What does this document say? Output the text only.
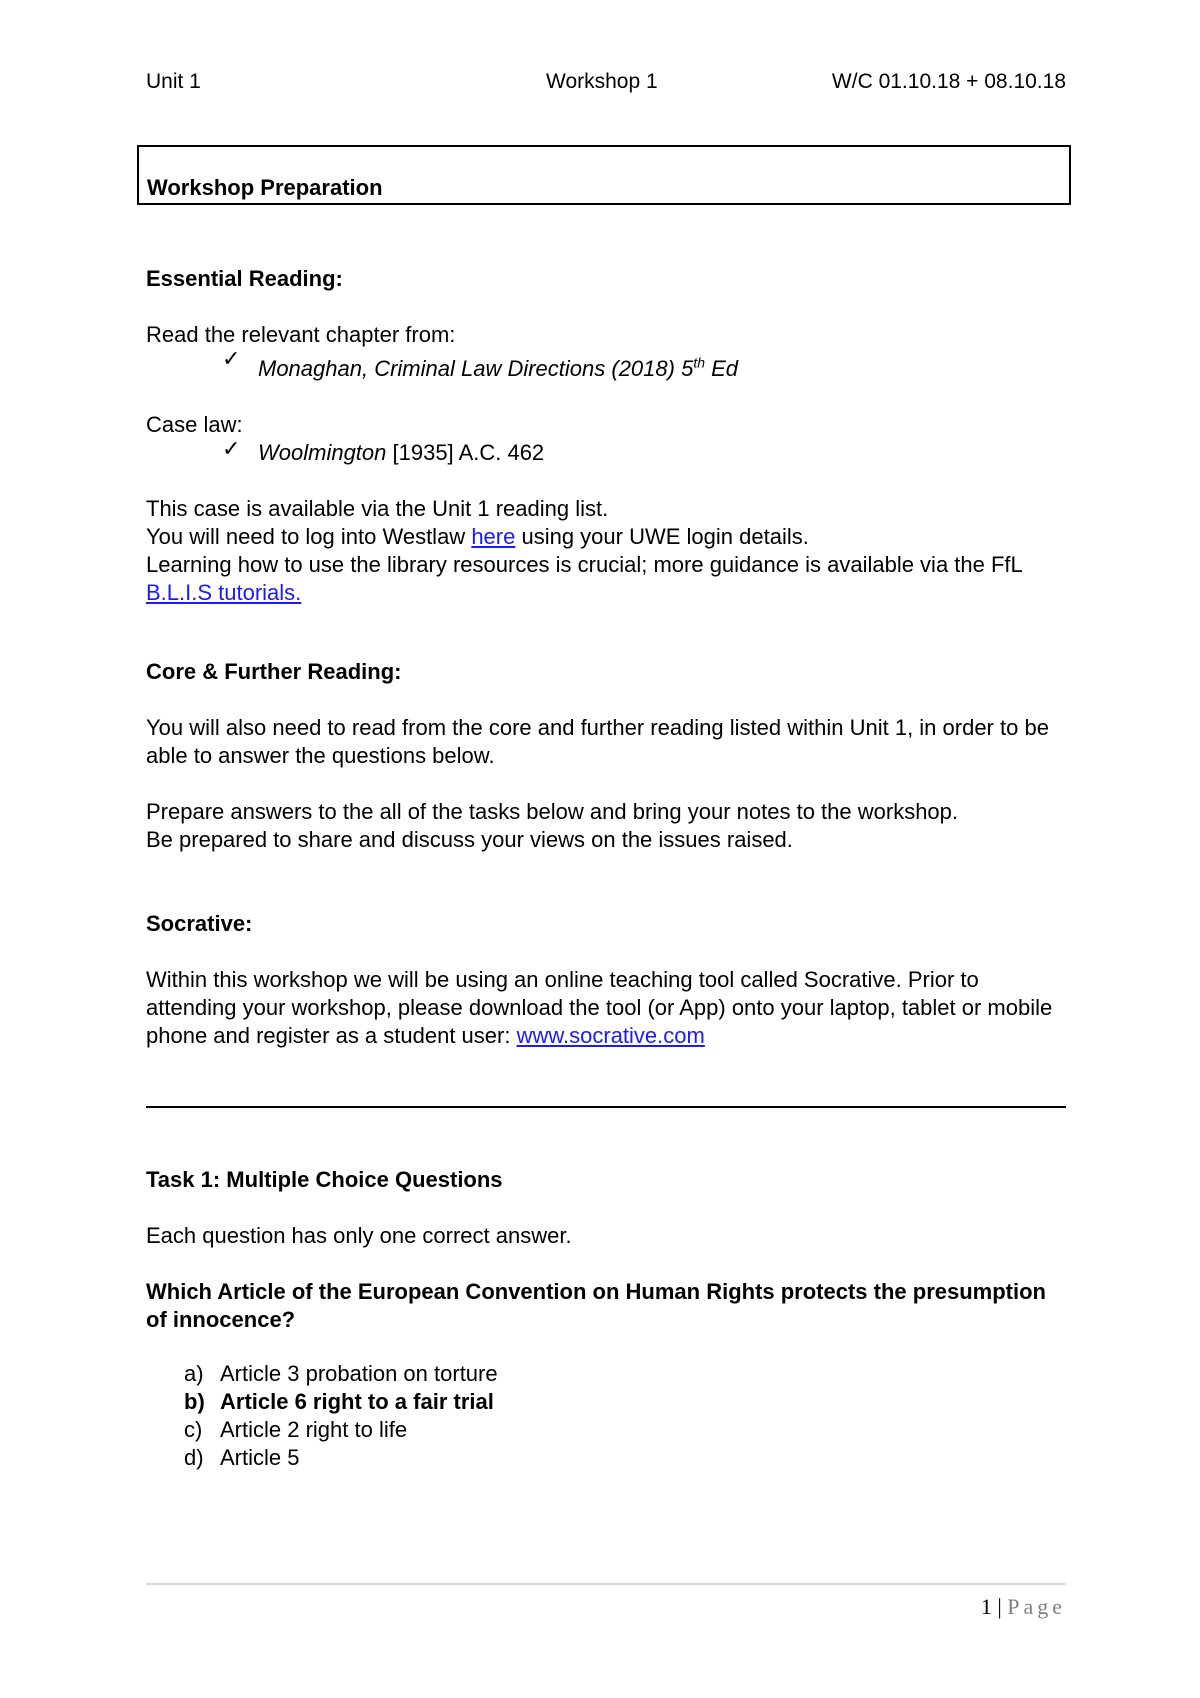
Unit 1	Workshop 1	W/C 01.10.18 + 08.10.18
Workshop Preparation

Essential Reading:

Read the relevant chapter from:

✓ Monaghan, Criminal Law Directions (2018) 5th Ed

Case law:

✓ Woolmington [1935] A.C. 462

This case is available via the Unit 1 reading list.

You will need to log into Westlaw here using your UWE login details.

Learning how to use the library resources is crucial; more guidance is available via the FfL B.L.I.S tutorials.

Core & Further Reading:

You will also need to read from the core and further reading listed within Unit 1, in order to be able to answer the questions below.

Prepare answers to the all of the tasks below and bring your notes to the workshop.

Be prepared to share and discuss your views on the issues raised.

Socrative:

Within this workshop we will be using an online teaching tool called Socrative. Prior to attending your workshop, please download the tool (or App) onto your laptop, tablet or mobile phone and register as a student user: www.socrative.com

Task 1: Multiple Choice Questions

Each question has only one correct answer.

Which Article of the European Convention on Human Rights protects the presumption of innocence?

a) Article 3 probation on torture
b) Article 6 right to a fair trial
c) Article 2 right to life
d) Article 5
1 | Page
